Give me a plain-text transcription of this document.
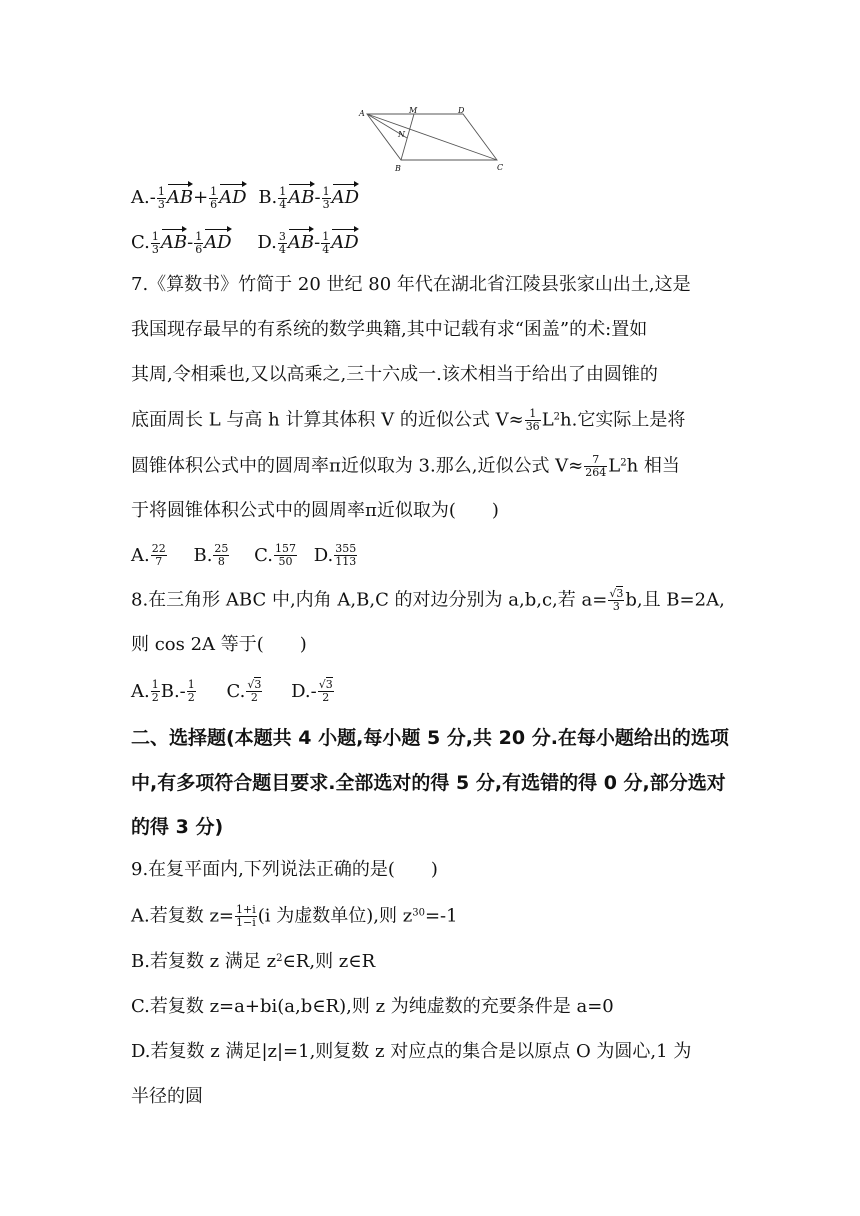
A	M	D
N
B	C
$A.- \frac{1}{3} AB+ \frac{1}{6}$ AD B. $\frac{1}{4} AB- \frac{1}{3}$ AD
C. $\frac{1}{3} AB- \frac{1}{6}$ AD D. $\frac{3}{4} AB- \frac{1}{4}$ AD
7.《算数书》竹简于 20 世纪 80 年代在湖北省江陵县张家山出土,这是
我国现存最早的有系统的数学典籍,其中记载有求“囷盖”的术:置如
其周,令相乘也,又以高乘之,三十六成一.该术相当于给出了由圆锥的
底面周长 L 与高 h 计算其体积 V 的近似公式 $V\approx \frac{1}{36} L^2h$.它实际上是将
圆锥体积公式中的圆周率π近似取为 3.那么,近似公式 $V\approx \frac{7}{264} L^2h$ 相当
于将圆锥体积公式中的圆周率π近似取为(　　)
A. $\frac{22}{7} B$. $\frac{25}{8} C$. $\frac{157}{50} D$. $\frac{355}{113}$
8.在三角形 ABC 中,内角 A,B,C 的对边分别为 a,b,c,若 $a= \frac{√3}{3} b$,且 B=2A,
则 cos 2A 等于(　　)
A. $\frac{1}{2} B.- \frac{1}{2} C$. $\frac{√3}{2} D.- \frac{√3}{2}$
二、选择题(本题共 4 小题,每小题 5 分,共 20 分.在每小题给出的选项
中,有多项符合题目要求.全部选对的得 5 分,有选错的得 0 分,部分选对
的得 3 分)
9.在复平面内,下列说法正确的是(　　)
A.若复数 $z= \frac{1+i}{1-i} (i$ 为虚数单位),则 $z^{30}=-1$
B.若复数 z 满足 $z^2\in R$,则 z∈R
C.若复数 z=a+bi(a,b∈R),则 z 为纯虚数的充要条件是 a=0
D.若复数 z 满足|z|=1,则复数 z 对应点的集合是以原点 O 为圆心,1 为
半径的圆
